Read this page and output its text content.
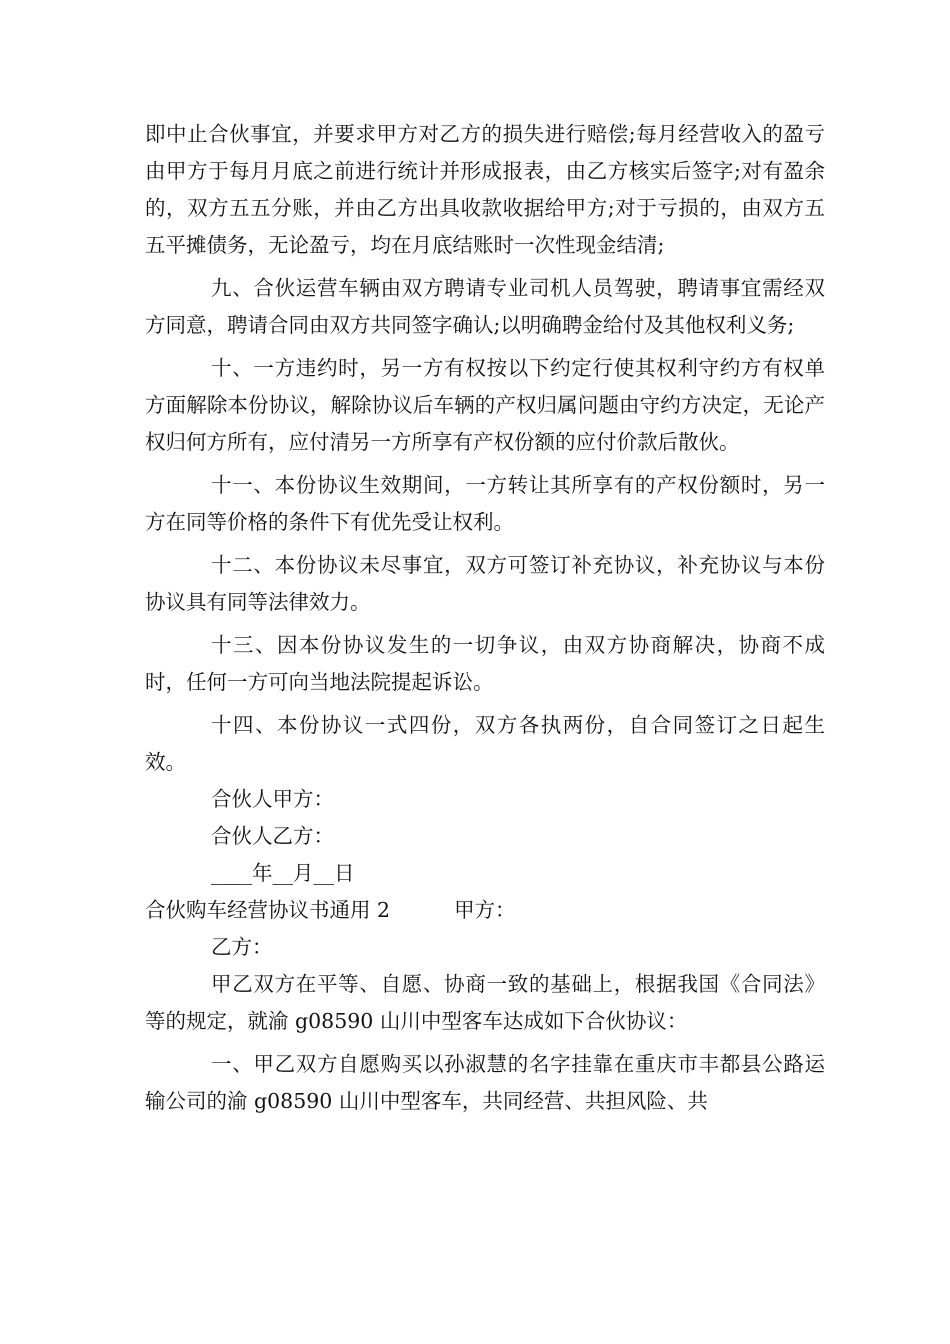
即中止合伙事宜，并要求甲方对乙方的损失进行赔偿;每月经营收入的盈亏由甲方于每月月底之前进行统计并形成报表，由乙方核实后签字;对有盈余的，双方五五分账，并由乙方出具收款收据给甲方;对于亏损的，由双方五五平摊债务，无论盈亏，均在月底结账时一次性现金结清;

九、合伙运营车辆由双方聘请专业司机人员驾驶，聘请事宜需经双方同意，聘请合同由双方共同签字确认;以明确聘金给付及其他权利义务;

十、一方违约时，另一方有权按以下约定行使其权利守约方有权单方面解除本份协议，解除协议后车辆的产权归属问题由守约方决定，无论产权归何方所有，应付清另一方所享有产权份额的应付价款后散伙。

十一、本份协议生效期间，一方转让其所享有的产权份额时，另一方在同等价格的条件下有优先受让权利。

十二、本份协议未尽事宜，双方可签订补充协议，补充协议与本份协议具有同等法律效力。

十三、因本份协议发生的一切争议，由双方协商解决，协商不成时，任何一方可向当地法院提起诉讼。

十四、本份协议一式四份，双方各执两份，自合同签订之日起生效。

合伙人甲方：

合伙人乙方：

____年__月__日

合伙购车经营协议书通用 2	甲方：

乙方：

甲乙双方在平等、自愿、协商一致的基础上，根据我国《合同法》等的规定，就渝 g08590 山川中型客车达成如下合伙协议：

一、甲乙双方自愿购买以孙淑慧的名字挂靠在重庆市丰都县公路运输公司的渝 g08590 山川中型客车，共同经营、共担风险、共
